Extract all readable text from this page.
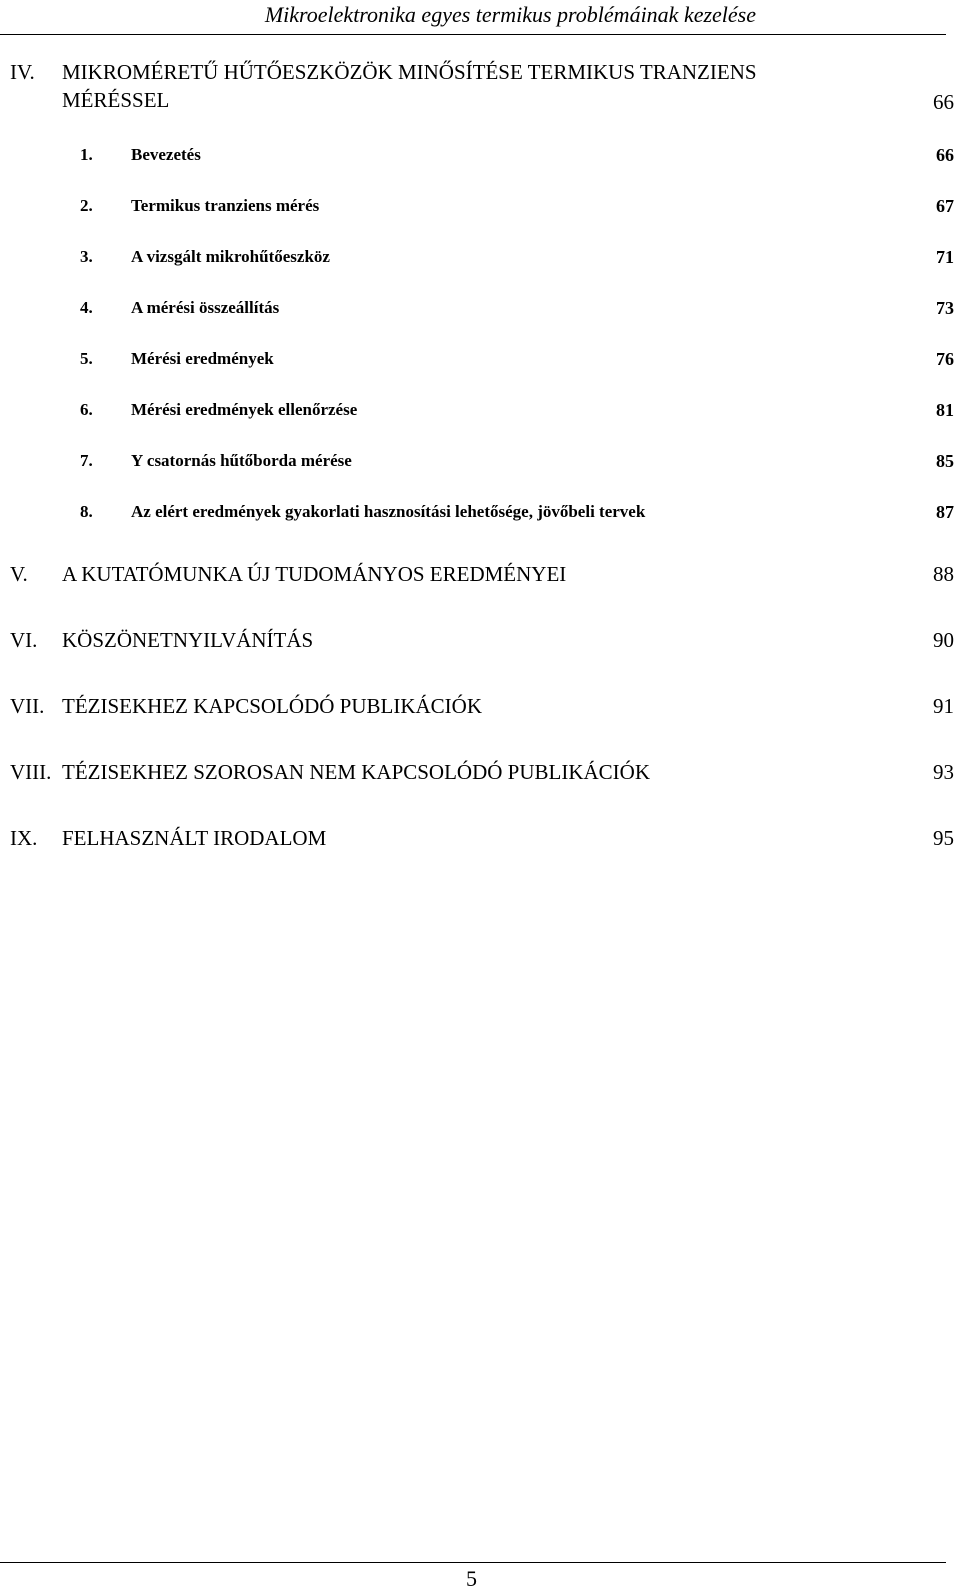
Mikroelektronika egyes termikus problémáinak kezelése
IV. MIKROMÉRETŰ HŰTŐESZKÖZÖK MINŐSÍTÉSE TERMIKUS TRANZIENS
MÉRÉSSEL	66
1. Bevezetés	66
2. Termikus tranziens mérés	67
3. A vizsgált mikrohűtőeszköz	71
4. A mérési összeállítás	73
5. Mérési eredmények	76
6. Mérési eredmények ellenőrzése	81
7. Y csatornás hűtőborda mérése	85
8. Az elért eredmények gyakorlati hasznosítási lehetősége, jövőbeli tervek	87
V. A KUTATÓMUNKA ÚJ TUDOMÁNYOS EREDMÉNYEI	88
VI. KÖSZÖNETNYILVÁNÍTÁS	90
VII. TÉZISEKHEZ KAPCSOLÓDÓ PUBLIKÁCIÓK	91
VIII. TÉZISEKHEZ SZOROSAN NEM KAPCSOLÓDÓ PUBLIKÁCIÓK	93
IX. FELHASZNÁLT IRODALOM	95
5
